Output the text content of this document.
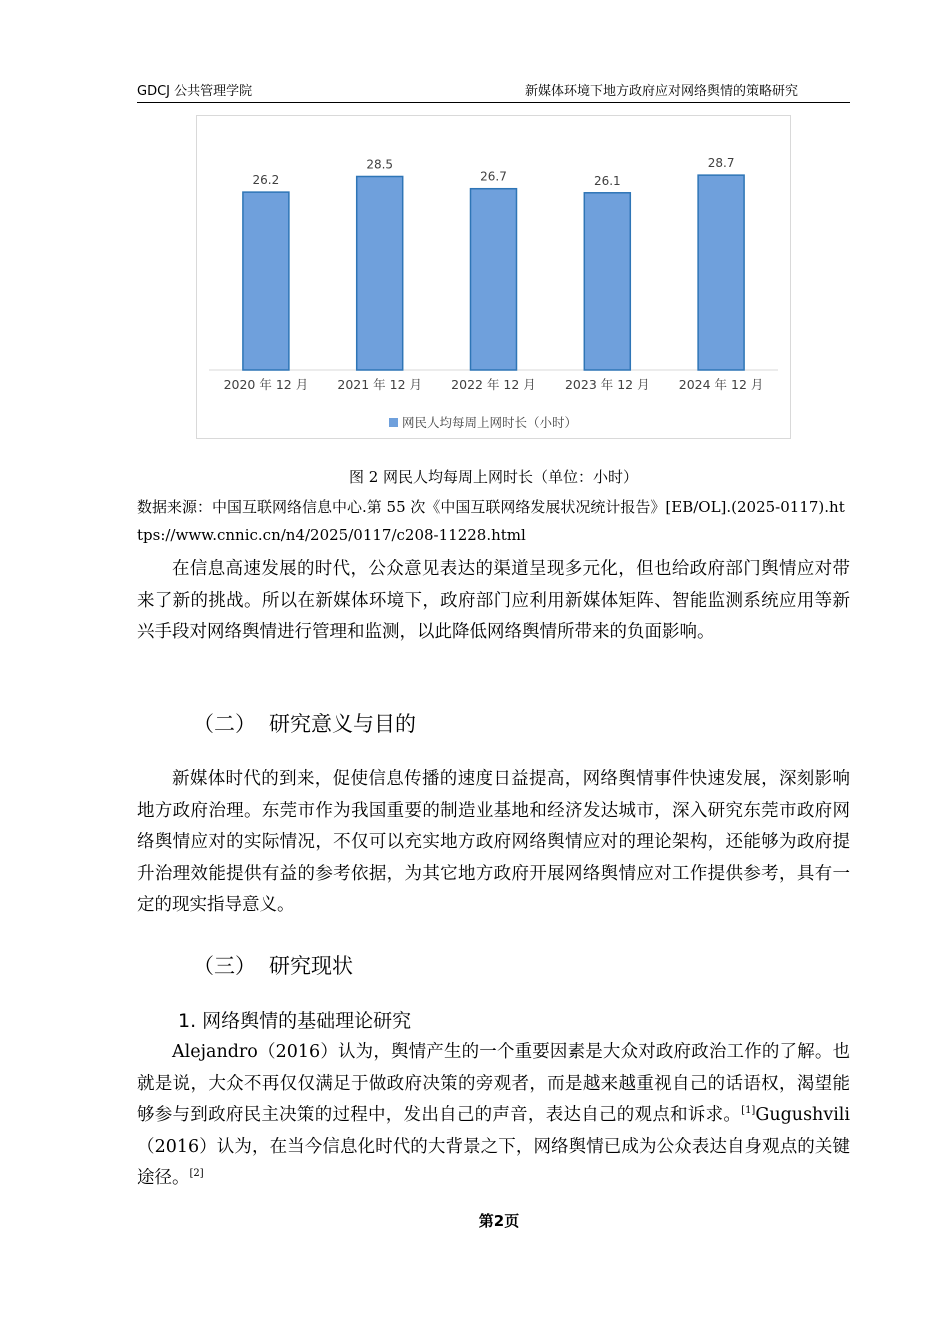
GDCJ 公共管理学院	新媒体环境下地方政府应对网络舆情的策略研究
26.2
2020 年 12 月
28.5
2021 年 12 月
26.7
2022 年 12 月
26.1
2023 年 12 月
28.7
2024 年 12 月
网民人均每周上网时长（小时）
图 2 网民人均每周上网时长（单位：小时）
数据来源：中国互联网络信息中心.第 55 次《中国互联网络发展状况统计报告》[EB/OL].(2025-0117).https://www.cnnic.cn/n4/2025/0117/c208-11228.html
在信息高速发展的时代，公众意见表达的渠道呈现多元化，但也给政府部门舆情应对带来了新的挑战。所以在新媒体环境下，政府部门应利用新媒体矩阵、智能监测系统应用等新兴手段对网络舆情进行管理和监测，以此降低网络舆情所带来的负面影响。
（二） 研究意义与目的
新媒体时代的到来，促使信息传播的速度日益提高，网络舆情事件快速发展，深刻影响地方政府治理。东莞市作为我国重要的制造业基地和经济发达城市，深入研究东莞市政府网络舆情应对的实际情况，不仅可以充实地方政府网络舆情应对的理论架构，还能够为政府提升治理效能提供有益的参考依据，为其它地方政府开展网络舆情应对工作提供参考，具有一定的现实指导意义。
（三） 研究现状
1. 网络舆情的基础理论研究
Alejandro（2016）认为，舆情产生的一个重要因素是大众对政府政治工作的了解。也就是说，大众不再仅仅满足于做政府决策的旁观者，而是越来越重视自己的话语权，渴望能够参与到政府民主决策的过程中，发出自己的声音，表达自己的观点和诉求。[1]Gugushvili（2016）认为，在当今信息化时代的大背景之下，网络舆情已成为公众表达自身观点的关键途径。[2]
第2页
